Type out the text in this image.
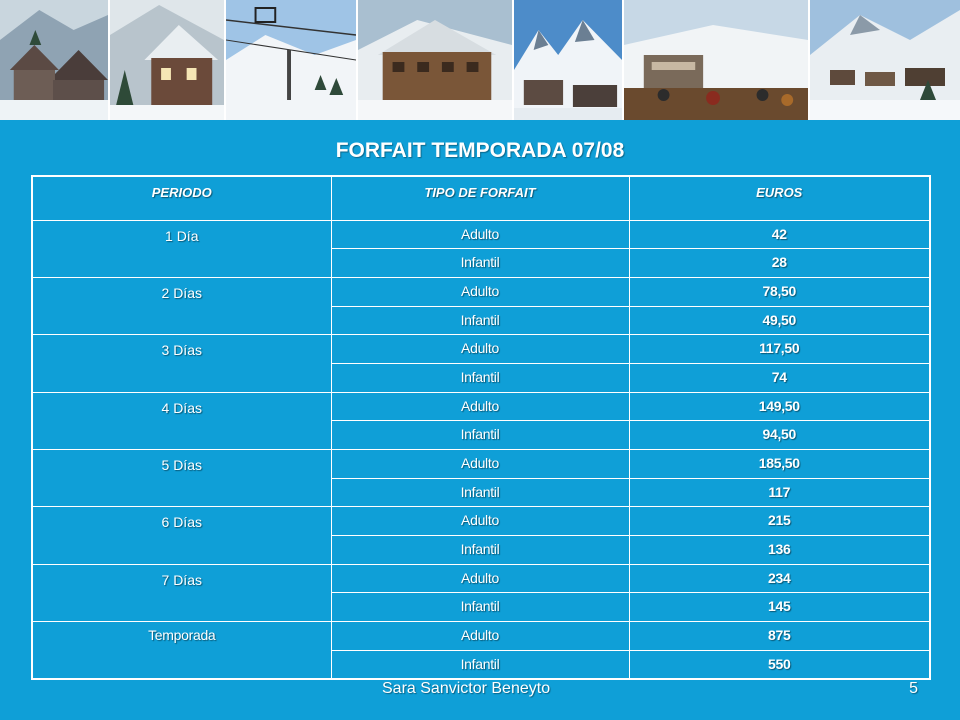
FORFAIT TEMPORADA 07/08
PERIODO	TIPO DE FORFAIT	EUROS
1 Día	Adulto	42
	Infantil	28
2 Días	Adulto	78,50
	Infantil	49,50
3 Días	Adulto	117,50
	Infantil	74
4 Días	Adulto	149,50
	Infantil	94,50
5 Días	Adulto	185,50
	Infantil	117
6 Días	Adulto	215
	Infantil	136
7 Días	Adulto	234
	Infantil	145
Temporada	Adulto	875
	Infantil	550
Sara Sanvictor Beneyto	5
